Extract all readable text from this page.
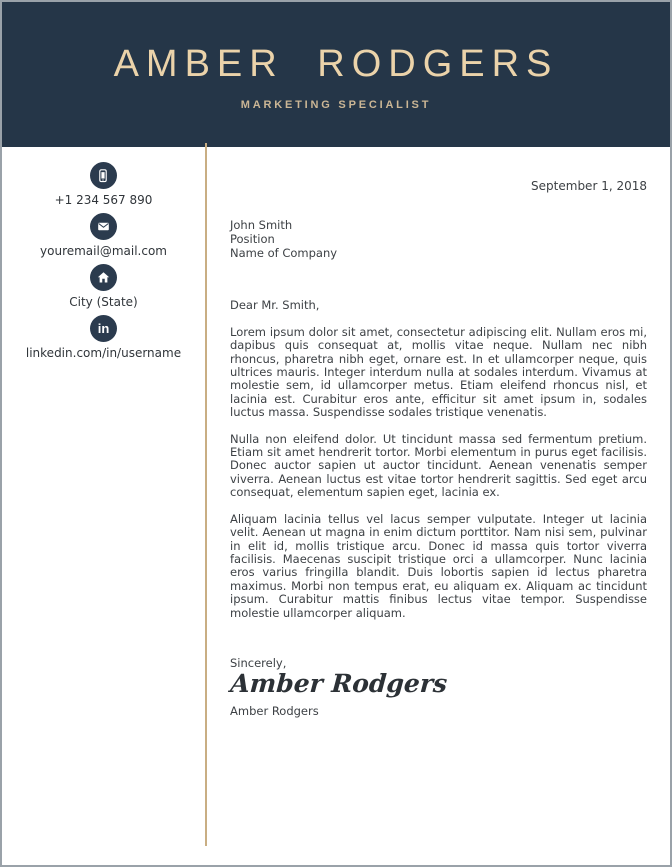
AMBER RODGERS
MARKETING SPECIALIST
+1 234 567 890
youremail@mail.com
City (State)
in
linkedin.com/in/username
September 1, 2018
John Smith
Position
Name of Company
Dear Mr. Smith,

Lorem ipsum dolor sit amet, consectetur adipiscing elit. Nullam eros mi, dapibus quis consequat at, mollis vitae neque. Nullam nec nibh rhoncus, pharetra nibh eget, ornare est. In et ullamcorper neque, quis ultrices mauris. Integer interdum nulla at sodales interdum. Vivamus at molestie sem, id ullamcorper metus. Etiam eleifend rhoncus nisl, et lacinia est. Curabitur eros ante, efficitur sit amet ipsum in, sodales luctus massa. Suspendisse sodales tristique venenatis.

Nulla non eleifend dolor. Ut tincidunt massa sed fermentum pretium. Etiam sit amet hendrerit tortor. Morbi elementum in purus eget facilisis. Donec auctor sapien ut auctor tincidunt. Aenean venenatis semper viverra. Aenean luctus est vitae tortor hendrerit sagittis. Sed eget arcu consequat, elementum sapien eget, lacinia ex.

Aliquam lacinia tellus vel lacus semper vulputate. Integer ut lacinia velit. Aenean ut magna in enim dictum porttitor. Nam nisi sem, pulvinar in elit id, mollis tristique arcu. Donec id massa quis tortor viverra facilisis. Maecenas suscipit tristique orci a ullamcorper. Nunc lacinia eros varius fringilla blandit. Duis lobortis sapien id lectus pharetra maximus. Morbi non tempus erat, eu aliquam ex. Aliquam ac tincidunt ipsum. Curabitur mattis finibus lectus vitae tempor. Suspendisse molestie ullamcorper aliquam.

Sincerely,
Amber Rodgers
Amber Rodgers
